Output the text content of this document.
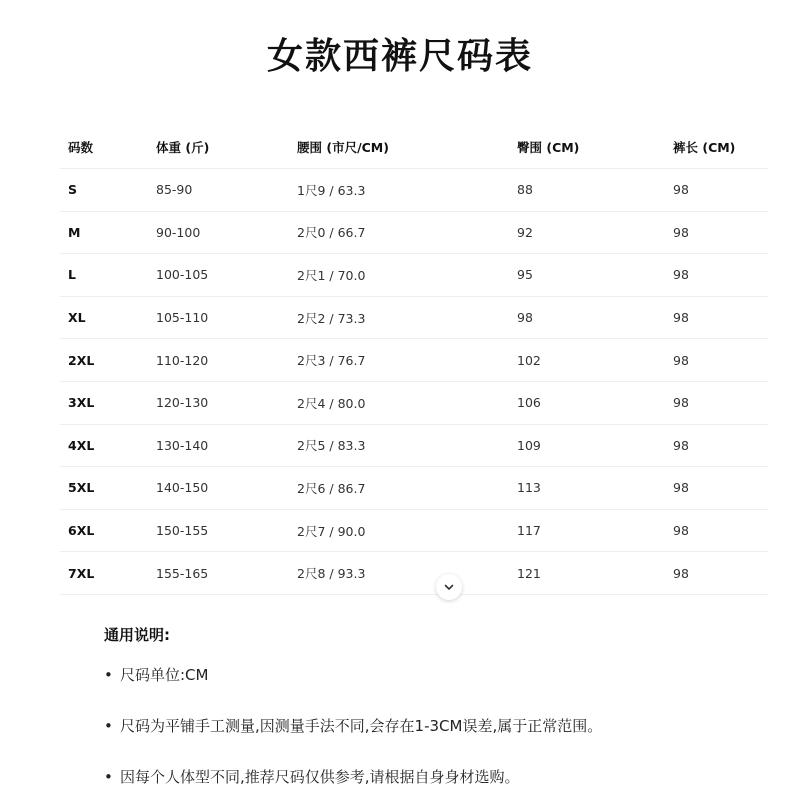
女款西裤尺码表
码数	体重 (斤)	腰围 (市尺/CM)	臀围 (CM)	裤长 (CM)
S	85-90	1尺9 / 63.3	88	98
M	90-100	2尺0 / 66.7	92	98
L	100-105	2尺1 / 70.0	95	98
XL	105-110	2尺2 / 73.3	98	98
2XL	110-120	2尺3 / 76.7	102	98
3XL	120-130	2尺4 / 80.0	106	98
4XL	130-140	2尺5 / 83.3	109	98
5XL	140-150	2尺6 / 86.7	113	98
6XL	150-155	2尺7 / 90.0	117	98
7XL	155-165	2尺8 / 93.3	121	98
通用说明:
• 尺码单位:CM
• 尺码为平铺手工测量,因测量手法不同,会存在1-3CM误差,属于正常范围。
• 因每个人体型不同,推荐尺码仅供参考,请根据自身身材选购。
